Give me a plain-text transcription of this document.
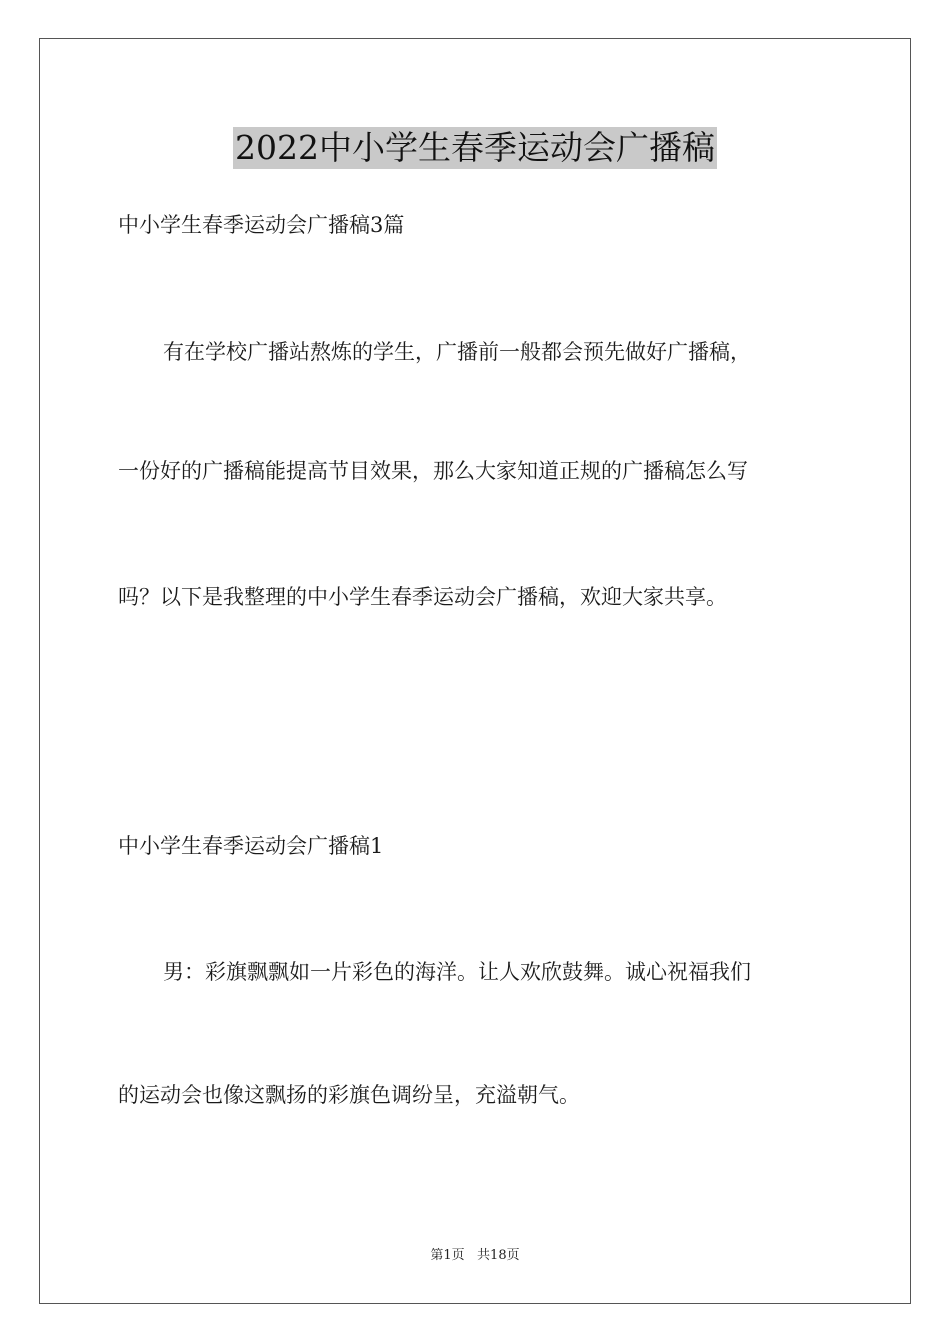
2022中小学生春季运动会广播稿
中小学生春季运动会广播稿3篇
有在学校广播站熬炼的学生，广播前一般都会预先做好广播稿，
一份好的广播稿能提高节目效果，那么大家知道正规的广播稿怎么写
吗？以下是我整理的中小学生春季运动会广播稿，欢迎大家共享。
中小学生春季运动会广播稿1
男：彩旗飘飘如一片彩色的海洋。让人欢欣鼓舞。诚心祝福我们
的运动会也像这飘扬的彩旗色调纷呈，充溢朝气。
第1页   共18页
